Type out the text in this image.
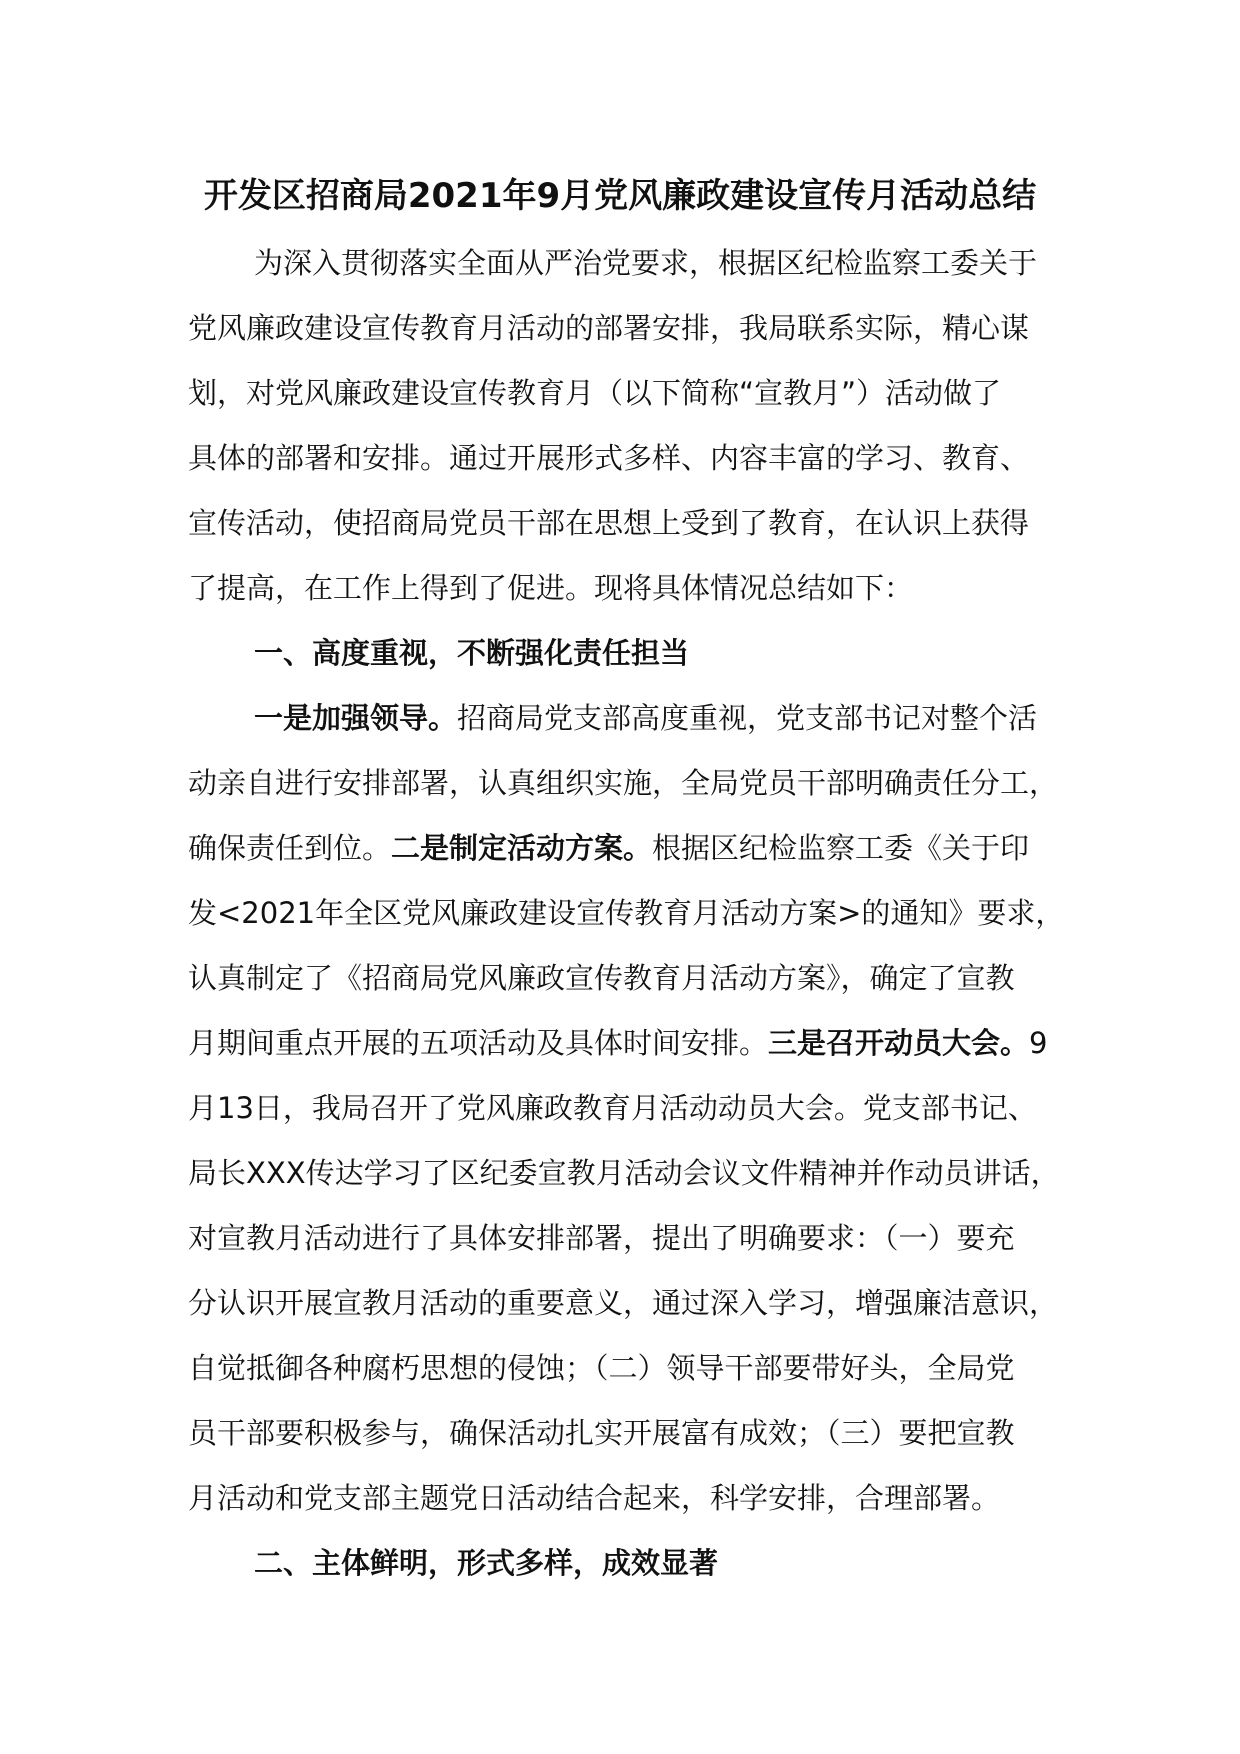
开发区招商局2021年9月党风廉政建设宣传月活动总结
为深入贯彻落实全面从严治党要求，根据区纪检监察工委关于
党风廉政建设宣传教育月活动的部署安排，我局联系实际，精心谋
划，对党风廉政建设宣传教育月（以下简称“宣教月”）活动做了
具体的部署和安排。通过开展形式多样、内容丰富的学习、教育、
宣传活动，使招商局党员干部在思想上受到了教育，在认识上获得
了提高，在工作上得到了促进。现将具体情况总结如下：
一、高度重视，不断强化责任担当
一是加强领导。招商局党支部高度重视，党支部书记对整个活
动亲自进行安排部署，认真组织实施，全局党员干部明确责任分工，
确保责任到位。二是制定活动方案。根据区纪检监察工委《关于印
发<2021年全区党风廉政建设宣传教育月活动方案>的通知》要求，
认真制定了《招商局党风廉政宣传教育月活动方案》，确定了宣教
月期间重点开展的五项活动及具体时间安排。三是召开动员大会。9
月13日，我局召开了党风廉政教育月活动动员大会。党支部书记、
局长XXX传达学习了区纪委宣教月活动会议文件精神并作动员讲话，
对宣教月活动进行了具体安排部署，提出了明确要求：（一）要充
分认识开展宣教月活动的重要意义，通过深入学习，增强廉洁意识，
自觉抵御各种腐朽思想的侵蚀；（二）领导干部要带好头，全局党
员干部要积极参与，确保活动扎实开展富有成效；（三）要把宣教
月活动和党支部主题党日活动结合起来，科学安排，合理部署。
二、主体鲜明，形式多样，成效显著
